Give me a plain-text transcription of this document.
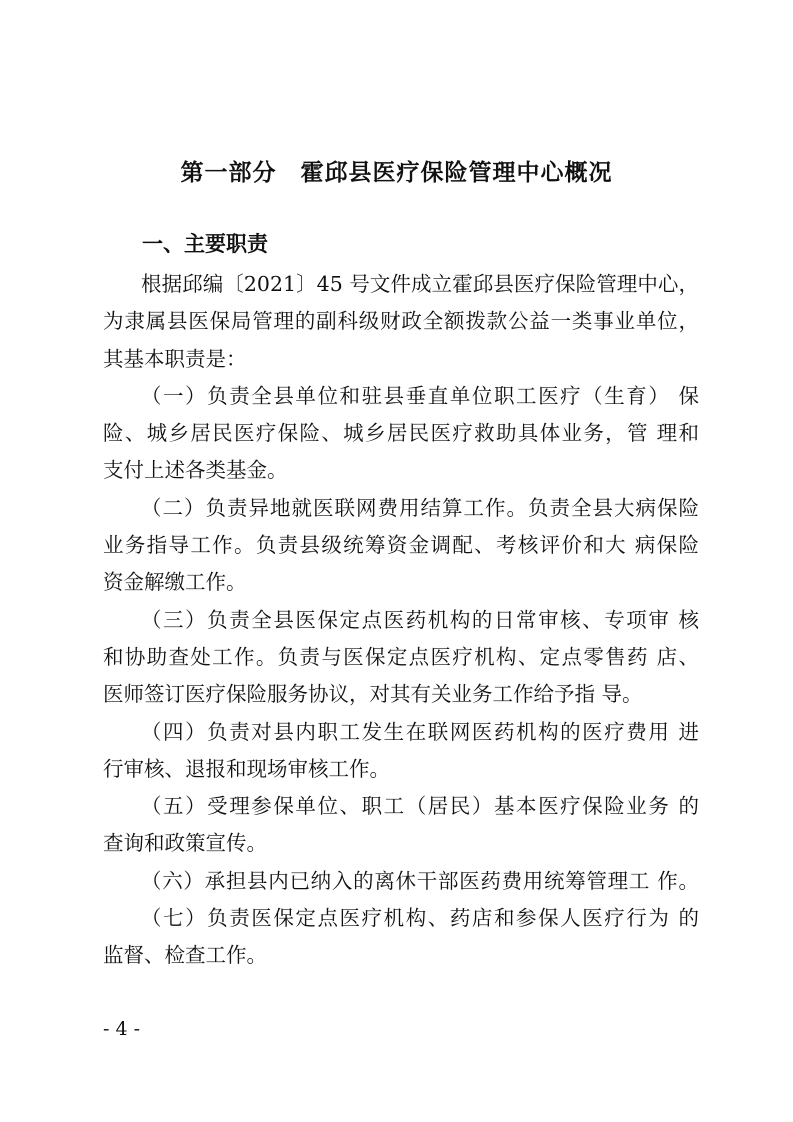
第一部分　霍邱县医疗保险管理中心概况
一、主要职责
根据邱编〔2021〕45 号文件成立霍邱县医疗保险管理中心，
为隶属县医保局管理的副科级财政全额拨款公益一类事业单位，
其基本职责是：
（一）负责全县单位和驻县垂直单位职工医疗（生育） 保
险、城乡居民医疗保险、城乡居民医疗救助具体业务，管 理和
支付上述各类基金。
（二）负责异地就医联网费用结算工作。负责全县大病保险
业务指导工作。负责县级统筹资金调配、考核评价和大 病保险
资金解缴工作。
（三）负责全县医保定点医药机构的日常审核、专项审 核
和协助查处工作。负责与医保定点医疗机构、定点零售药 店、
医师签订医疗保险服务协议，对其有关业务工作给予指 导。
（四）负责对县内职工发生在联网医药机构的医疗费用 进
行审核、退报和现场审核工作。
（五）受理参保单位、职工（居民）基本医疗保险业务 的
查询和政策宣传。
（六）承担县内已纳入的离休干部医药费用统筹管理工 作。
（七）负责医保定点医疗机构、药店和参保人医疗行为 的
监督、检查工作。
- 4 -
